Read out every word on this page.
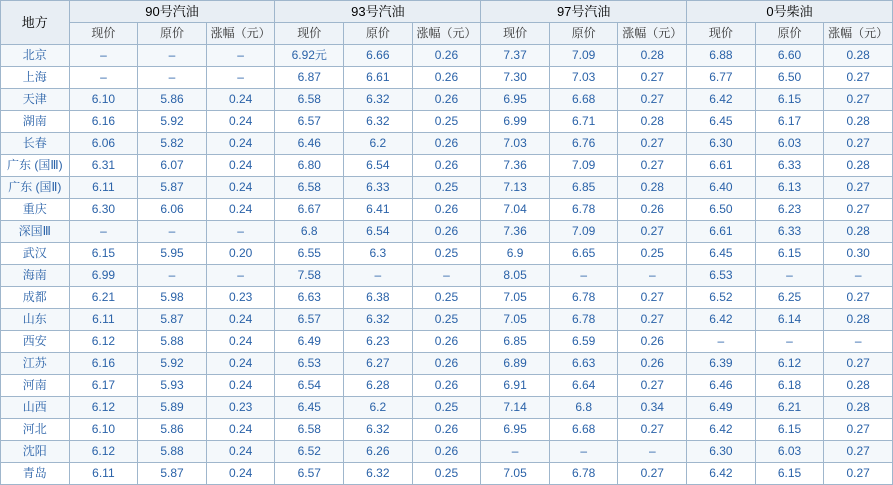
地方	90号汽油			93号汽油			97号汽油			0号柴油		
	现价	原价	涨幅（元）	现价	原价	涨幅（元）	现价	原价	涨幅（元）	现价	原价	涨幅（元）
北京	–	–	–	6.92元	6.66	0.26	7.37	7.09	0.28	6.88	6.60	0.28
上海	–	–	–	6.87	6.61	0.26	7.30	7.03	0.27	6.77	6.50	0.27
天津	6.10	5.86	0.24	6.58	6.32	0.26	6.95	6.68	0.27	6.42	6.15	0.27
湖南	6.16	5.92	0.24	6.57	6.32	0.25	6.99	6.71	0.28	6.45	6.17	0.28
长春	6.06	5.82	0.24	6.46	6.2	0.26	7.03	6.76	0.27	6.30	6.03	0.27
广东 (国Ⅲ)	6.31	6.07	0.24	6.80	6.54	0.26	7.36	7.09	0.27	6.61	6.33	0.28
广东 (国Ⅱ)	6.11	5.87	0.24	6.58	6.33	0.25	7.13	6.85	0.28	6.40	6.13	0.27
重庆	6.30	6.06	0.24	6.67	6.41	0.26	7.04	6.78	0.26	6.50	6.23	0.27
深国Ⅲ	–	–	–	6.8	6.54	0.26	7.36	7.09	0.27	6.61	6.33	0.28
武汉	6.15	5.95	0.20	6.55	6.3	0.25	6.9	6.65	0.25	6.45	6.15	0.30
海南	6.99	–	–	7.58	–	–	8.05	–	–	6.53	–	–
成都	6.21	5.98	0.23	6.63	6.38	0.25	7.05	6.78	0.27	6.52	6.25	0.27
山东	6.11	5.87	0.24	6.57	6.32	0.25	7.05	6.78	0.27	6.42	6.14	0.28
西安	6.12	5.88	0.24	6.49	6.23	0.26	6.85	6.59	0.26	–	–	–
江苏	6.16	5.92	0.24	6.53	6.27	0.26	6.89	6.63	0.26	6.39	6.12	0.27
河南	6.17	5.93	0.24	6.54	6.28	0.26	6.91	6.64	0.27	6.46	6.18	0.28
山西	6.12	5.89	0.23	6.45	6.2	0.25	7.14	6.8	0.34	6.49	6.21	0.28
河北	6.10	5.86	0.24	6.58	6.32	0.26	6.95	6.68	0.27	6.42	6.15	0.27
沈阳	6.12	5.88	0.24	6.52	6.26	0.26	–	–	–	6.30	6.03	0.27
青岛	6.11	5.87	0.24	6.57	6.32	0.25	7.05	6.78	0.27	6.42	6.15	0.27
